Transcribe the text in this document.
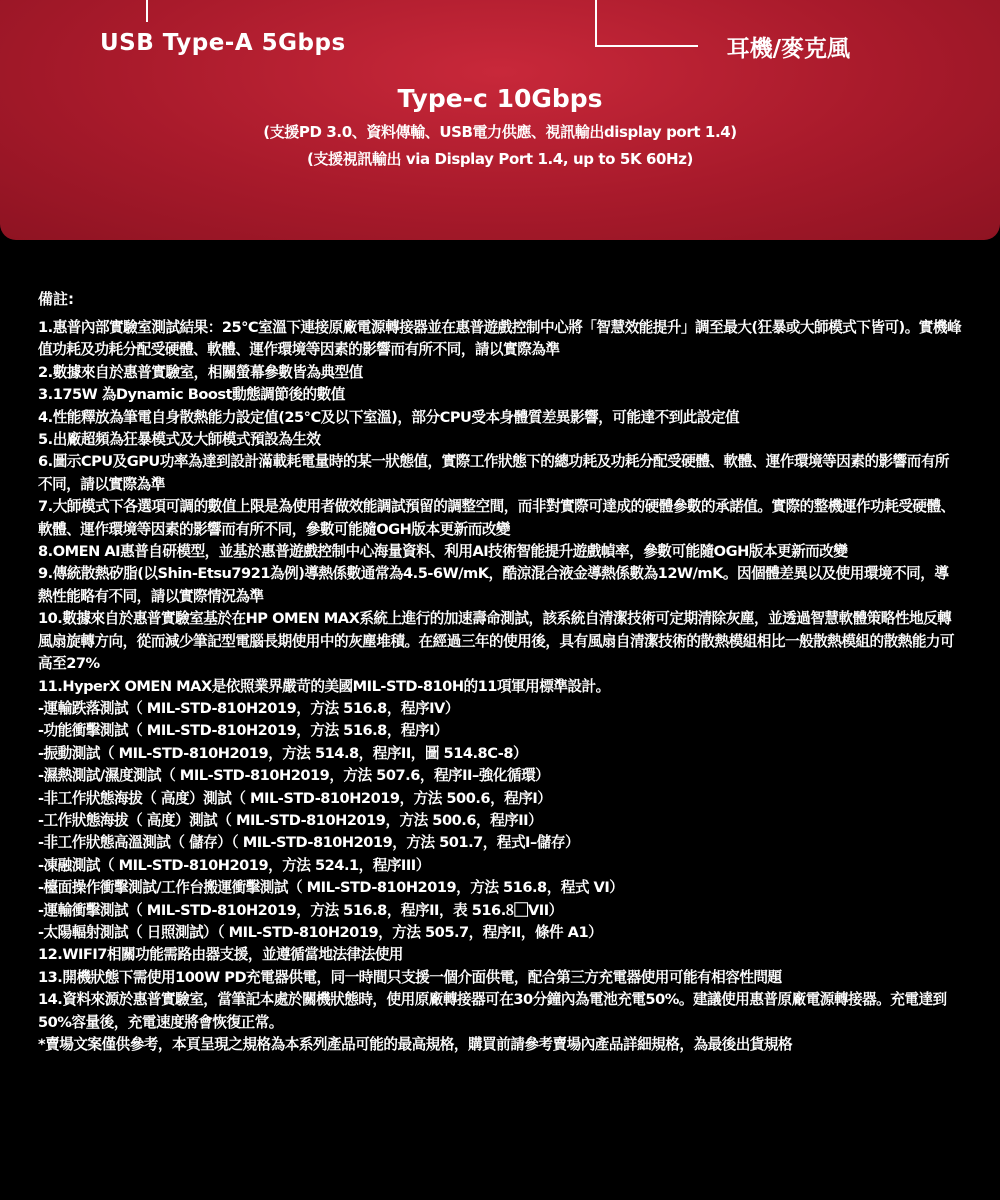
USB Type-A 5Gbps	耳機/麥克風
Type-c 10Gbps
(支援PD 3.0、資料傳輸、USB電力供應、視訊輸出display port 1.4)
(支援視訊輸出 via Display Port 1.4, up to 5K 60Hz)
備註:

1.惠普內部實驗室測試結果：25°C室溫下連接原廠電源轉接器並在惠普遊戲控制中心將「智慧效能提升」調至最大(狂暴或大師模式下皆可)。實機峰值功耗及功耗分配受硬體、軟體、運作環境等因素的影響而有所不同，請以實際為準

2.數據來自於惠普實驗室，相關螢幕參數皆為典型值

3.175W 為Dynamic Boost動態調節後的數值

4.性能釋放為筆電自身散熱能力設定值(25°C及以下室溫)，部分CPU受本身體質差異影響，可能達不到此設定值

5.出廠超頻為狂暴模式及大師模式預設為生效

6.圖示CPU及GPU功率為達到設計滿載耗電量時的某一狀態值，實際工作狀態下的總功耗及功耗分配受硬體、軟體、運作環境等因素的影響而有所不同，請以實際為準

7.大師模式下各選項可調的數值上限是為使用者做效能調試預留的調整空間，而非對實際可達成的硬體參數的承諾值。實際的整機運作功耗受硬體、軟體、運作環境等因素的影響而有所不同，參數可能隨OGH版本更新而改變

8.OMEN AI惠普自研模型，並基於惠普遊戲控制中心海量資料、利用AI技術智能提升遊戲幀率，參數可能隨OGH版本更新而改變

9.傳統散熱矽脂(以Shin-Etsu7921為例)導熱係數通常為4.5-6W/mK，酷涼混合液金導熱係數為12W/mK。因個體差異以及使用環境不同，導熱性能略有不同，請以實際情況為準

10.數據來自於惠普實驗室基於在HP OMEN MAX系統上進行的加速壽命測試，該系統自清潔技術可定期清除灰塵，並透過智慧軟體策略性地反轉風扇旋轉方向，從而減少筆記型電腦長期使用中的灰塵堆積。在經過三年的使用後，具有風扇自清潔技術的散熱模組相比一般散熱模組的散熱能力可高至27%

11.HyperX OMEN MAX是依照業界嚴苛的美國MIL-STD-810H的11項軍用標準設計。

-運輸跌落測試（ MIL-STD-810H2019，方法 516.8，程序IV）

-功能衝擊測試（ MIL-STD-810H2019，方法 516.8，程序I）

-振動測試（ MIL-STD-810H2019，方法 514.8，程序II，圖 514.8C-8）

-濕熱測試/濕度測試（ MIL-STD-810H2019，方法 507.6，程序II–強化循環）

-非工作狀態海拔（ 高度）測試（ MIL-STD-810H2019，方法 500.6，程序I）

-工作狀態海拔（ 高度）測試（ MIL-STD-810H2019，方法 500.6，程序II）

-非工作狀態高溫測試（ 儲存）（ MIL-STD-810H2019，方法 501.7，程式I–儲存）

-凍融測試（ MIL-STD-810H2019，方法 524.1，程序III）

-檯面操作衝擊測試/工作台搬運衝擊測試（ MIL-STD-810H2019，方法 516.8，程式 VI）

-運輸衝擊測試（ MIL-STD-810H2019，方法 516.8，程序II，表 516.8⃞VII）

-太陽輻射測試（ 日照測試）（ MIL-STD-810H2019，方法 505.7，程序II，條件 A1）

12.WIFI7相關功能需路由器支援，並遵循當地法律法使用

13.開機狀態下需使用100W PD充電器供電，同一時間只支援一個介面供電，配合第三方充電器使用可能有相容性問題

14.資料來源於惠普實驗室，當筆記本處於關機狀態時，使用原廠轉接器可在30分鐘內為電池充電50%。建議使用惠普原廠電源轉接器。充電達到50%容量後，充電速度將會恢復正常。

*賣場文案僅供參考，本頁呈現之規格為本系列產品可能的最高規格，購買前請參考賣場內產品詳細規格，為最後出貨規格
